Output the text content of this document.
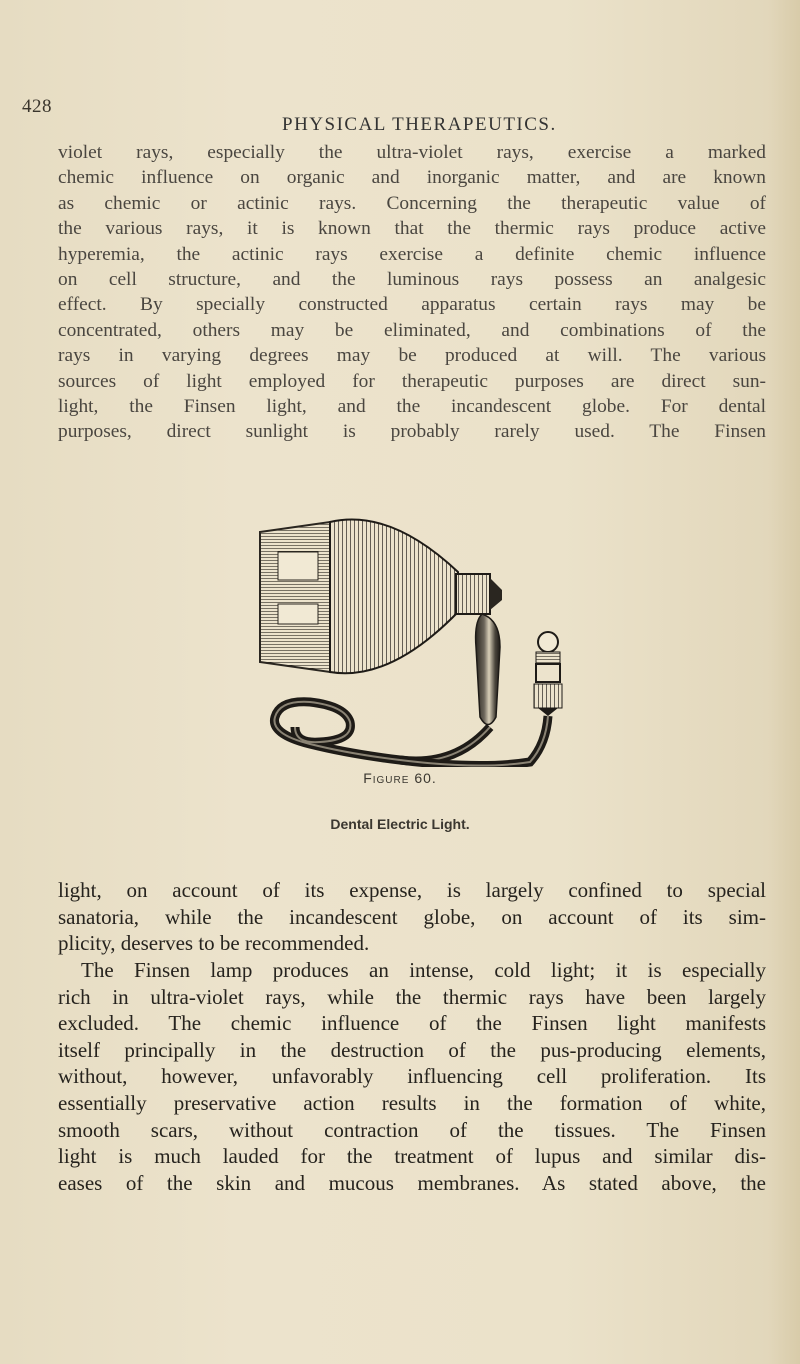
428
PHYSICAL THERAPEUTICS.
violet rays, especially the ultra-violet rays, exercise a marked
chemic influence on organic and inorganic matter, and are known
as chemic or actinic rays. Concerning the therapeutic value of
the various rays, it is known that the thermic rays produce active
hyperemia, the actinic rays exercise a definite chemic influence
on cell structure, and the luminous rays possess an analgesic
effect. By specially constructed apparatus certain rays may be
concentrated, others may be eliminated, and combinations of the
rays in varying degrees may be produced at will. The various
sources of light employed for therapeutic purposes are direct sun-
light, the Finsen light, and the incandescent globe. For dental
purposes, direct sunlight is probably rarely used. The Finsen
Figure 60.
Dental Electric Light.
light, on account of its expense, is largely confined to special
sanatoria, while the incandescent globe, on account of its sim-
plicity, deserves to be recommended.
The Finsen lamp produces an intense, cold light; it is especially
rich in ultra-violet rays, while the thermic rays have been largely
excluded. The chemic influence of the Finsen light manifests
itself principally in the destruction of the pus-producing elements,
without, however, unfavorably influencing cell proliferation. Its
essentially preservative action results in the formation of white,
smooth scars, without contraction of the tissues. The Finsen
light is much lauded for the treatment of lupus and similar dis-
eases of the skin and mucous membranes. As stated above, the
